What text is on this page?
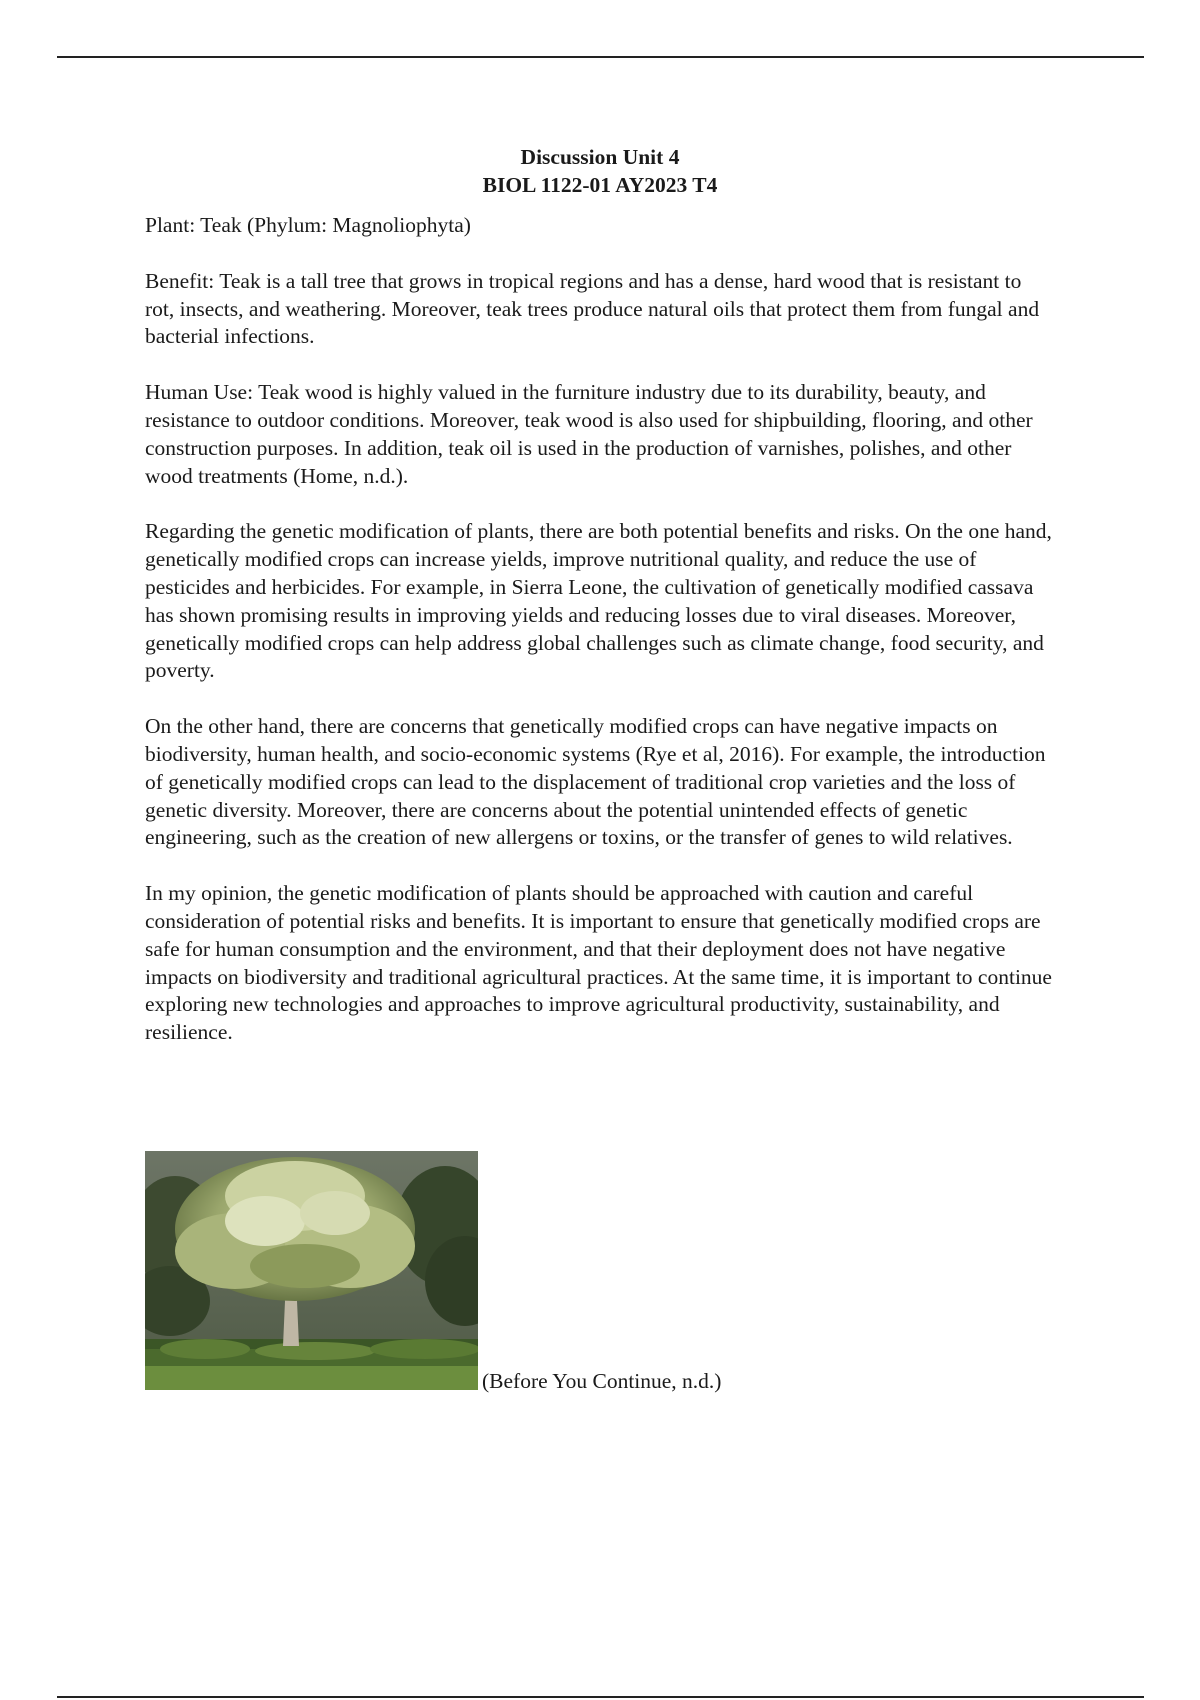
Discussion Unit 4
BIOL 1122-01 AY2023 T4

Plant: Teak (Phylum: Magnoliophyta)

Benefit: Teak is a tall tree that grows in tropical regions and has a dense, hard wood that is resistant to rot, insects, and weathering. Moreover, teak trees produce natural oils that protect them from fungal and bacterial infections.

Human Use: Teak wood is highly valued in the furniture industry due to its durability, beauty, and resistance to outdoor conditions. Moreover, teak wood is also used for shipbuilding, flooring, and other construction purposes. In addition, teak oil is used in the production of varnishes, polishes, and other wood treatments (Home, n.d.).

Regarding the genetic modification of plants, there are both potential benefits and risks. On the one hand, genetically modified crops can increase yields, improve nutritional quality, and reduce the use of pesticides and herbicides. For example, in Sierra Leone, the cultivation of genetically modified cassava has shown promising results in improving yields and reducing losses due to viral diseases. Moreover, genetically modified crops can help address global challenges such as climate change, food security, and poverty.

On the other hand, there are concerns that genetically modified crops can have negative impacts on biodiversity, human health, and socio-economic systems (Rye et al, 2016). For example, the introduction of genetically modified crops can lead to the displacement of traditional crop varieties and the loss of genetic diversity. Moreover, there are concerns about the potential unintended effects of genetic engineering, such as the creation of new allergens or toxins, or the transfer of genes to wild relatives.

In my opinion, the genetic modification of plants should be approached with caution and careful consideration of potential risks and benefits. It is important to ensure that genetically modified crops are safe for human consumption and the environment, and that their deployment does not have negative impacts on biodiversity and traditional agricultural practices. At the same time, it is important to continue exploring new technologies and approaches to improve agricultural productivity, sustainability, and resilience.

(Before You Continue, n.d.)
